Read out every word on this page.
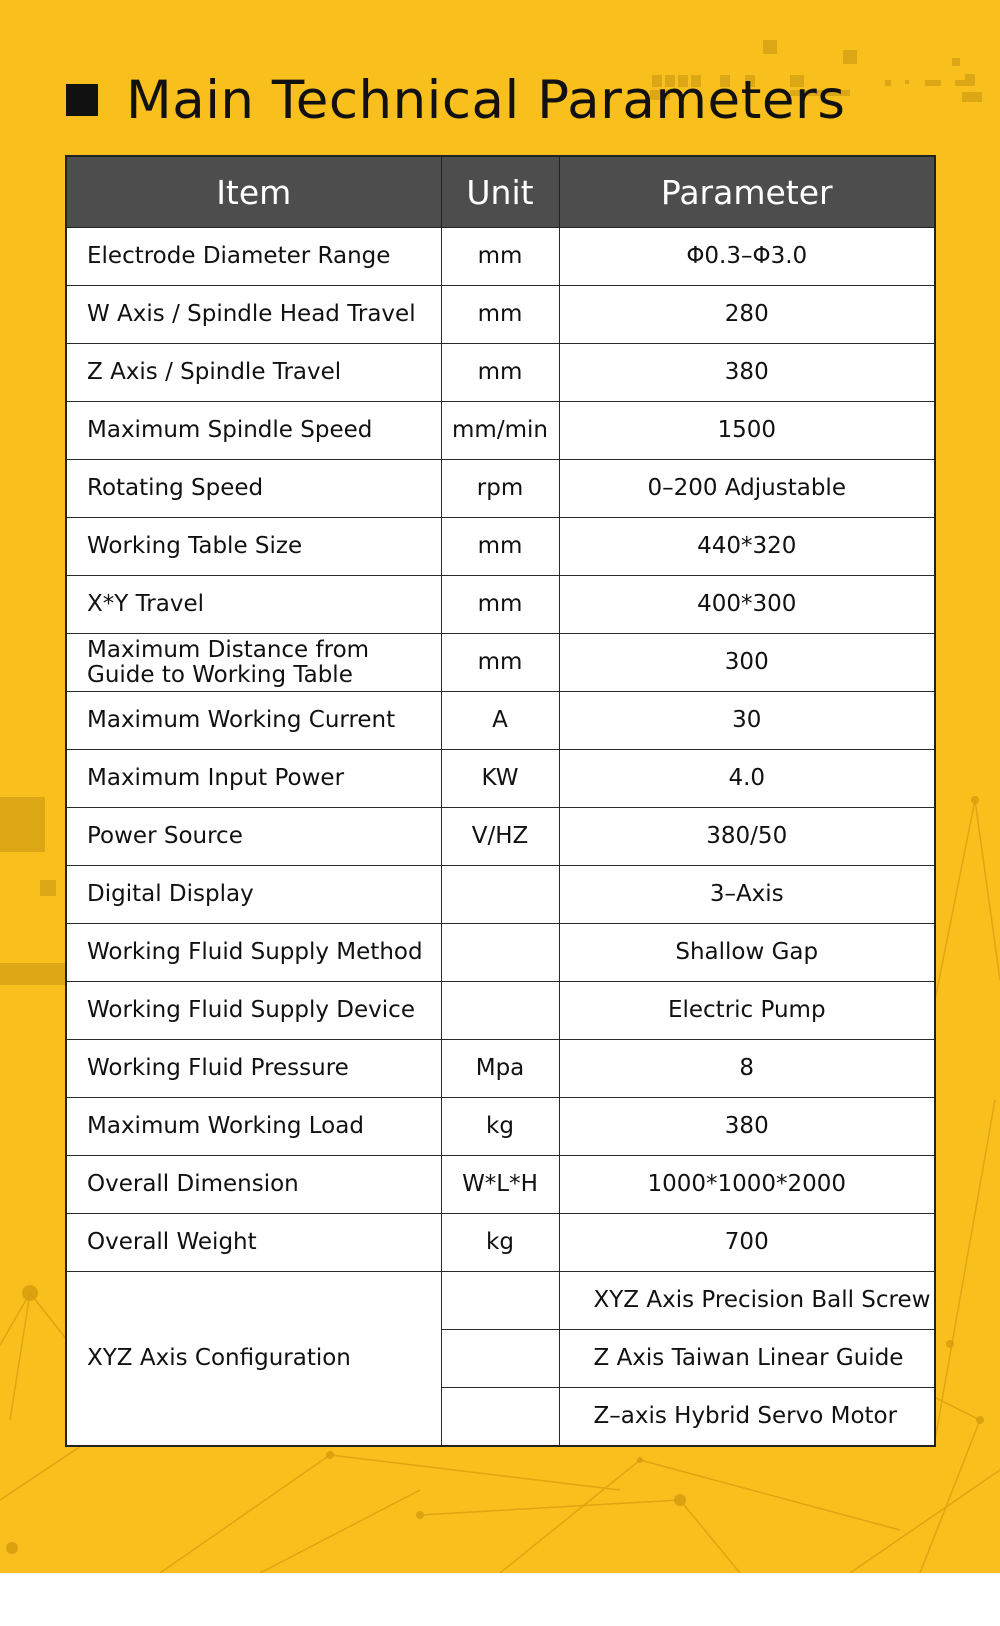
Main Technical Parameters
Item	Unit	Parameter
Electrode Diameter Range	mm	Φ0.3–Φ3.0
W Axis / Spindle Head Travel	mm	280
Z Axis / Spindle Travel	mm	380
Maximum Spindle Speed	mm/min	1500
Rotating Speed	rpm	0–200 Adjustable
Working Table Size	mm	440*320
X*Y Travel	mm	400*300
Maximum Distance from Guide to Working Table	mm	300
Maximum Working Current	A	30
Maximum Input Power	KW	4.0
Power Source	V/HZ	380/50
Digital Display		3–Axis
Working Fluid Supply Method		Shallow Gap
Working Fluid Supply Device		Electric Pump
Working Fluid Pressure	Mpa	8
Maximum Working Load	kg	380
Overall Dimension	W*L*H	1000*1000*2000
Overall Weight	kg	700
XYZ Axis Configuration		XYZ Axis Precision Ball Screw
		Z Axis Taiwan Linear Guide
		Z–axis Hybrid Servo Motor
